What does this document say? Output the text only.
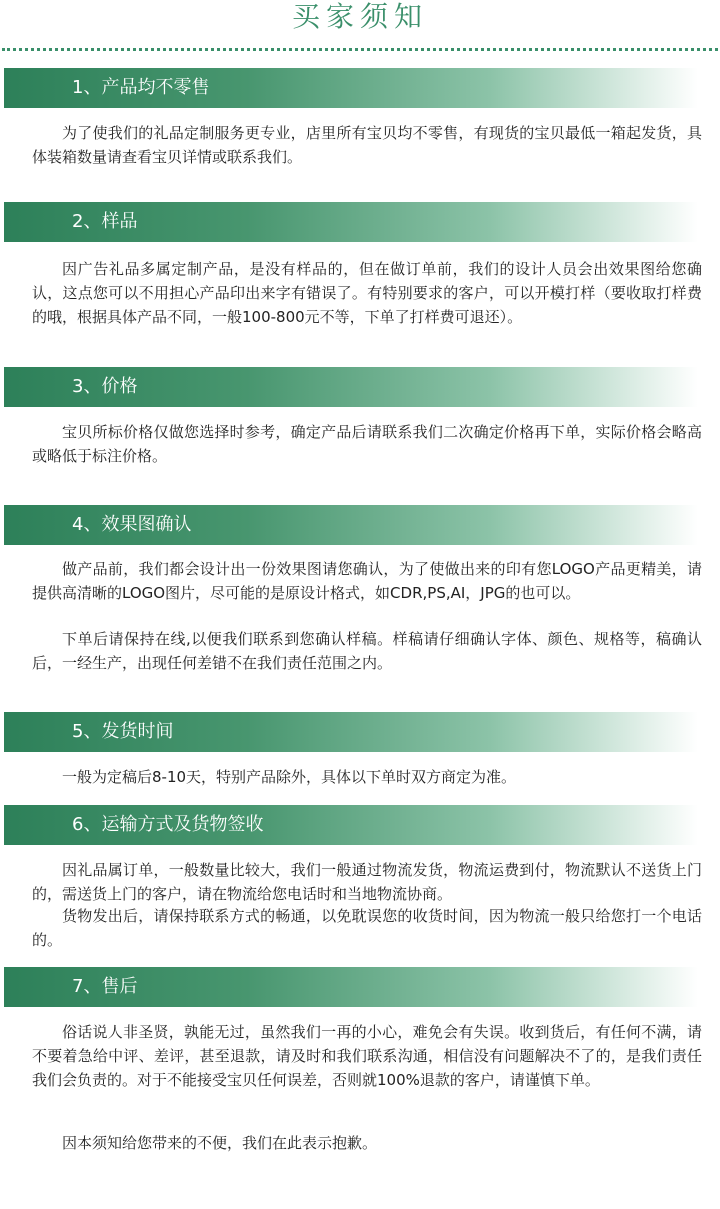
买家须知
1、产品均不零售

为了使我们的礼品定制服务更专业，店里所有宝贝均不零售，有现货的宝贝最低一箱起发货，具体装箱数量请查看宝贝详情或联系我们。

2、样品

因广告礼品多属定制产品，是没有样品的，但在做订单前，我们的设计人员会出效果图给您确认，这点您可以不用担心产品印出来字有错误了。有特别要求的客户，可以开模打样（要收取打样费的哦，根据具体产品不同，一般100-800元不等，下单了打样费可退还）。

3、价格

宝贝所标价格仅做您选择时参考，确定产品后请联系我们二次确定价格再下单，实际价格会略高或略低于标注价格。

4、效果图确认

做产品前，我们都会设计出一份效果图请您确认，为了使做出来的印有您LOGO产品更精美，请提供高清晰的LOGO图片，尽可能的是原设计格式，如CDR,PS,AI，JPG的也可以。

下单后请保持在线,以便我们联系到您确认样稿。样稿请仔细确认字体、颜色、规格等，稿确认后，一经生产，出现任何差错不在我们责任范围之内。

5、发货时间

一般为定稿后8-10天，特别产品除外，具体以下单时双方商定为准。

6、运输方式及货物签收

因礼品属订单，一般数量比较大，我们一般通过物流发货，物流运费到付，物流默认不送货上门的，需送货上门的客户，请在物流给您电话时和当地物流协商。

货物发出后，请保持联系方式的畅通，以免耽误您的收货时间，因为物流一般只给您打一个电话的。

7、售后

俗话说人非圣贤，孰能无过，虽然我们一再的小心，难免会有失误。收到货后，有任何不满，请不要着急给中评、差评，甚至退款，请及时和我们联系沟通，相信没有问题解决不了的，是我们责任我们会负责的。对于不能接受宝贝任何误差，否则就100%退款的客户，请谨慎下单。

因本须知给您带来的不便，我们在此表示抱歉。
